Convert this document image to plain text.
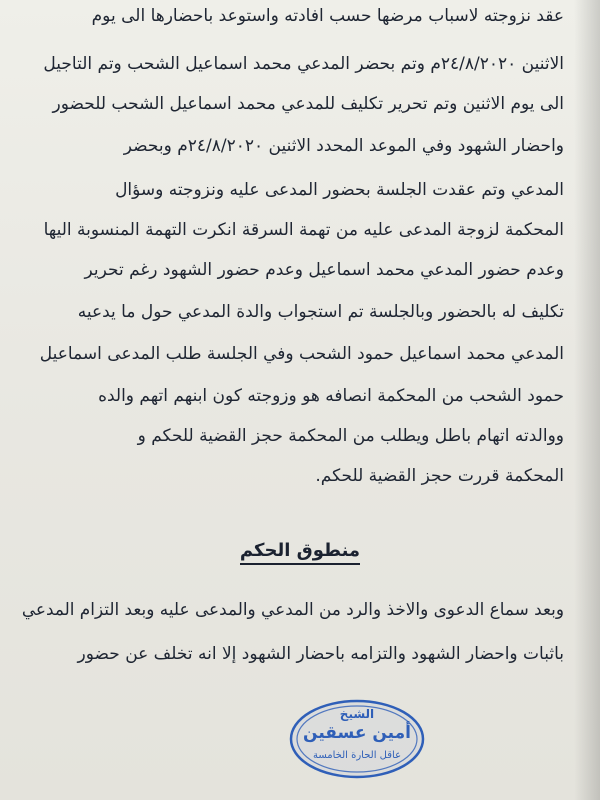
عقد نزوجته لاسباب مرضها حسب افادته واستوعد باحضارها الى يوم
الاثنين ٢٤/٨/٢٠٢٠م وتم بحضر المدعي محمد اسماعيل الشحب وتم التاجيل
الى يوم الاثنين وتم تحرير تكليف للمدعي محمد اسماعيل الشحب للحضور
واحضار الشهود وفي الموعد المحدد الاثنين ٢٤/٨/٢٠٢٠م وبحضر
المدعي وتم عقدت الجلسة بحضور المدعى عليه ونزوجته وسؤال
المحكمة لزوجة المدعى عليه من تهمة السرقة انكرت التهمة المنسوبة اليها
وعدم حضور المدعي محمد اسماعيل وعدم حضور الشهود رغم تحرير
تكليف له بالحضور وبالجلسة تم استجواب والدة المدعي حول ما يدعيه
المدعي محمد اسماعيل حمود الشحب وفي الجلسة طلب المدعى اسماعيل
حمود الشحب من المحكمة انصافه هو وزوجته كون ابنهم اتهم والده
ووالدته اتهام باطل ويطلب من المحكمة حجز القضية للحكم و
المحكمة قررت حجز القضية للحكم.
منطوق الحكم
وبعد سماع الدعوى والاخذ والرد من المدعي والمدعى عليه وبعد التزام المدعي
باثبات واحضار الشهود والتزامه باحضار الشهود إلا انه تخلف عن حضور
الشيخ
أمين عسقين
عاقل الحارة الخامسة
